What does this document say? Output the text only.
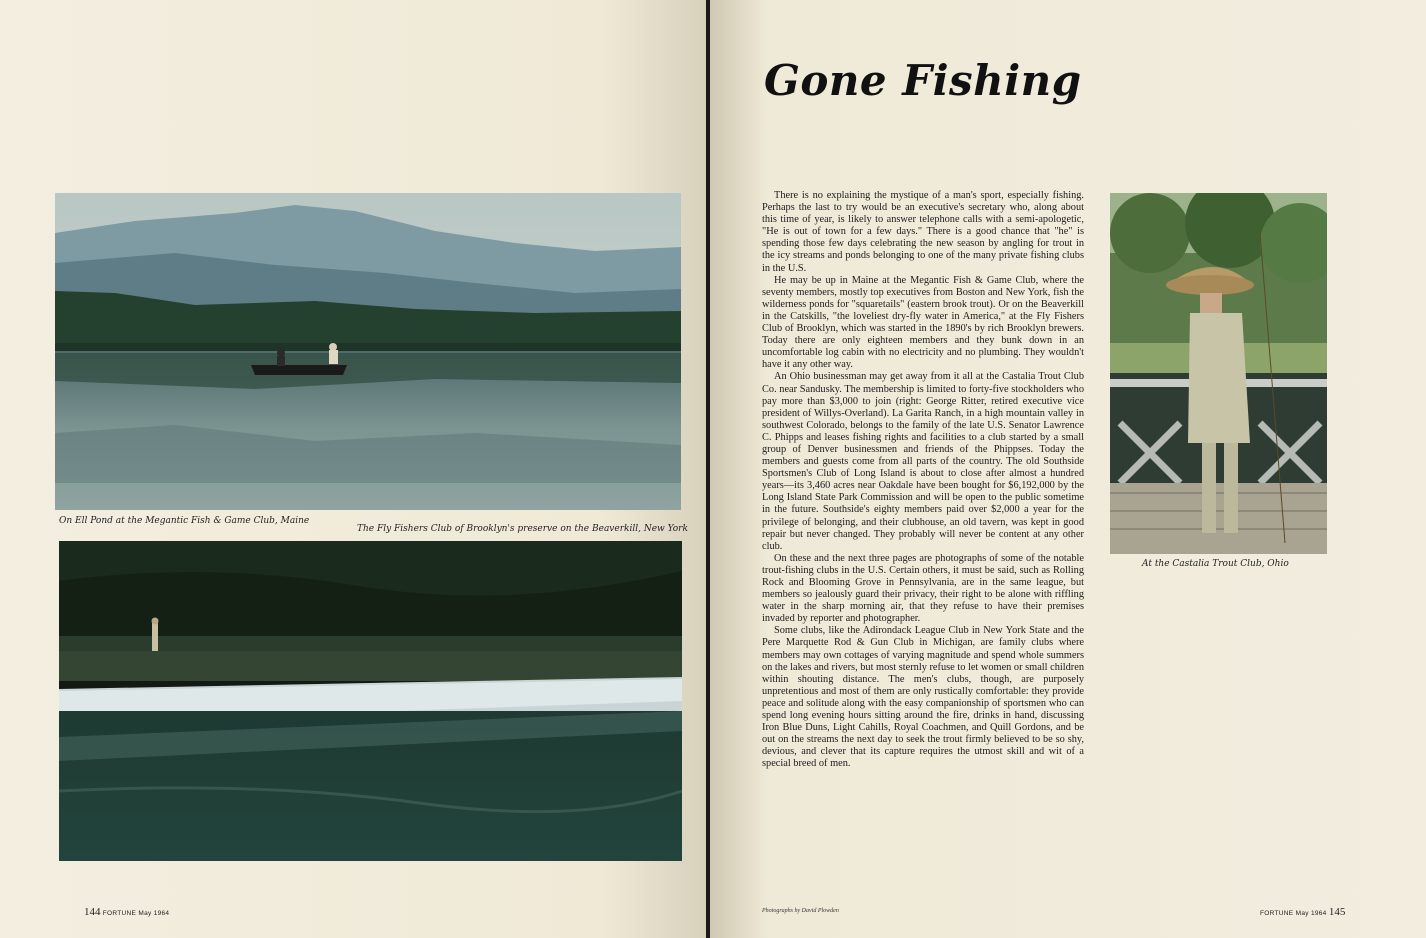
On Ell Pond at the Megantic Fish & Game Club, Maine
The Fly Fishers Club of Brooklyn's preserve on the Beaverkill, New York
144 FORTUNE May 1964
Gone Fishing

There is no explaining the mystique of a man's sport, especially fishing. Perhaps the last to try would be an executive's secretary who, along about this time of year, is likely to answer telephone calls with a semi-apologetic, "He is out of town for a few days." There is a good chance that "he" is spending those few days celebrating the new season by angling for trout in the icy streams and ponds belonging to one of the many private fishing clubs in the U.S.

He may be up in Maine at the Megantic Fish & Game Club, where the seventy members, mostly top executives from Boston and New York, fish the wilderness ponds for "squaretails" (eastern brook trout). Or on the Beaverkill in the Catskills, "the loveliest dry-fly water in America," at the Fly Fishers Club of Brooklyn, which was started in the 1890's by rich Brooklyn brewers. Today there are only eighteen members and they bunk down in an uncomfortable log cabin with no electricity and no plumbing. They wouldn't have it any other way.

An Ohio businessman may get away from it all at the Castalia Trout Club Co. near Sandusky. The membership is limited to forty-five stockholders who pay more than $3,000 to join (right: George Ritter, retired executive vice president of Willys-Overland). La Garita Ranch, in a high mountain valley in southwest Colorado, belongs to the family of the late U.S. Senator Lawrence C. Phipps and leases fishing rights and facilities to a club started by a small group of Denver businessmen and friends of the Phippses. Today the members and guests come from all parts of the country. The old Southside Sportsmen's Club of Long Island is about to close after almost a hundred years—its 3,460 acres near Oakdale have been bought for $6,192,000 by the Long Island State Park Commission and will be open to the public sometime in the future. Southside's eighty members paid over $2,000 a year for the privilege of belonging, and their clubhouse, an old tavern, was kept in good repair but never changed. They probably will never be content at any other club.

On these and the next three pages are photographs of some of the notable trout-fishing clubs in the U.S. Certain others, it must be said, such as Rolling Rock and Blooming Grove in Pennsylvania, are in the same league, but members so jealously guard their privacy, their right to be alone with riffling water in the sharp morning air, that they refuse to have their premises invaded by reporter and photographer.

Some clubs, like the Adirondack League Club in New York State and the Pere Marquette Rod & Gun Club in Michigan, are family clubs where members may own cottages of varying magnitude and spend whole summers on the lakes and rivers, but most sternly refuse to let women or small children within shouting distance. The men's clubs, though, are purposely unpretentious and most of them are only rustically comfortable: they provide peace and solitude along with the easy companionship of sportsmen who can spend long evening hours sitting around the fire, drinks in hand, discussing Iron Blue Duns, Light Cahills, Royal Coachmen, and Quill Gordons, and be out on the streams the next day to seek the trout firmly believed to be so shy, devious, and clever that its capture requires the utmost skill and wit of a special breed of men.

At the Castalia Trout Club, Ohio
Photographs by David Plowden	FORTUNE May 1964 145
